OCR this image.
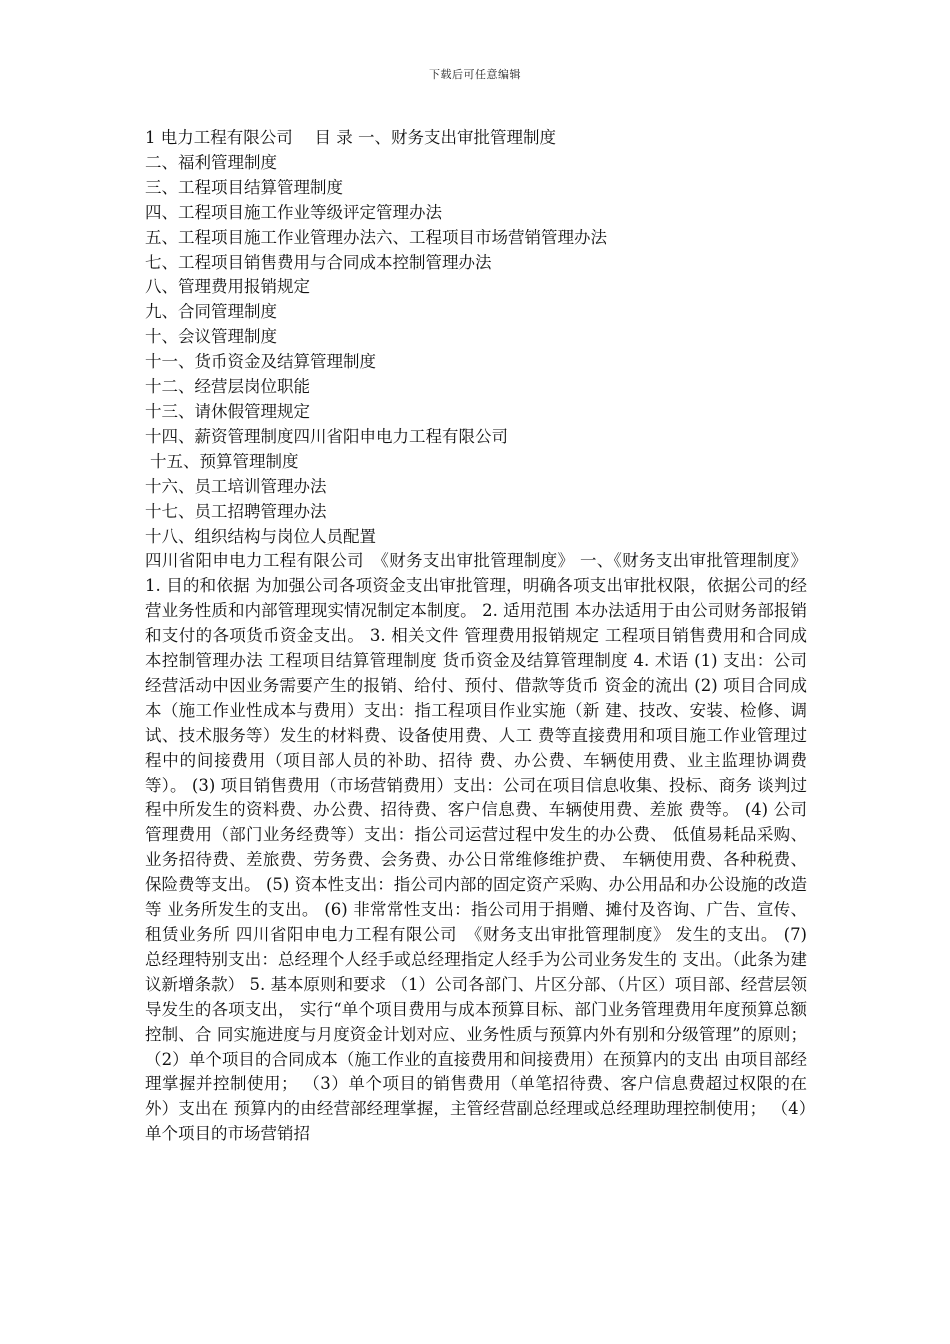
下载后可任意编辑
1 电力工程有限公司　 目 录 一、财务支出审批管理制度
二、福利管理制度
三、工程项目结算管理制度
四、工程项目施工作业等级评定管理办法
五、工程项目施工作业管理办法六、工程项目市场营销管理办法
七、工程项目销售费用与合同成本控制管理办法
八、管理费用报销规定
九、合同管理制度
十、会议管理制度
十一、货币资金及结算管理制度
十二、经营层岗位职能
十三、请休假管理规定
十四、薪资管理制度四川省阳申电力工程有限公司
十五、预算管理制度
十六、员工培训管理办法
十七、员工招聘管理办法
十八、组织结构与岗位人员配置
四川省阳申电力工程有限公司　《财务支出审批管理制度》 一、《财务支出审批管理制度》 1. 目的和依据 为加强公司各项资金支出审批管理，明确各项支出审批权限，依据公司的经 营业务性质和内部管理现实情况制定本制度。 2. 适用范围 本办法适用于由公司财务部报销和支付的各项货币资金支出。 3. 相关文件 管理费用报销规定 工程项目销售费用和合同成本控制管理办法 工程项目结算管理制度 货币资金及结算管理制度 4. 术语 (1) 支出：公司经营活动中因业务需要产生的报销、给付、预付、借款等货币 资金的流出 (2) 项目合同成本（施工作业性成本与费用）支出：指工程项目作业实施（新 建、技改、安装、检修、调试、技术服务等）发生的材料费、设备使用费、人工 费等直接费用和项目施工作业管理过程中的间接费用（项目部人员的补助、招待 费、办公费、车辆使用费、业主监理协调费等）。 (3) 项目销售费用（市场营销费用）支出：公司在项目信息收集、投标、商务 谈判过程中所发生的资料费、办公费、招待费、客户信息费、车辆使用费、差旅 费等。 (4) 公司管理费用（部门业务经费等）支出：指公司运营过程中发生的办公费、 低值易耗品采购、业务招待费、差旅费、劳务费、会务费、办公日常维修维护费、 车辆使用费、各种税费、保险费等支出。 (5) 资本性支出：指公司内部的固定资产采购、办公用品和办公设施的改造等 业务所发生的支出。 (6) 非常常性支出：指公司用于捐赠、摊付及咨询、广告、宣传、租赁业务所 四川省阳申电力工程有限公司　《财务支出审批管理制度》 发生的支出。 (7) 总经理特别支出：总经理个人经手或总经理指定人经手为公司业务发生的 支出。（此条为建议新增条款） 5. 基本原则和要求 （1）公司各部门、片区分部、（片区）项目部、经营层领导发生的各项支出， 实行“单个项目费用与成本预算目标、部门业务管理费用年度预算总额控制、合 同实施进度与月度资金计划对应、业务性质与预算内外有别和分级管理”的原则； （2）单个项目的合同成本（施工作业的直接费用和间接费用）在预算内的支出 由项目部经理掌握并控制使用； （3）单个项目的销售费用（单笔招待费、客户信息费超过权限的在外）支出在 预算内的由经营部经理掌握，主管经营副总经理或总经理助理控制使用； （4）单个项目的市场营销招
